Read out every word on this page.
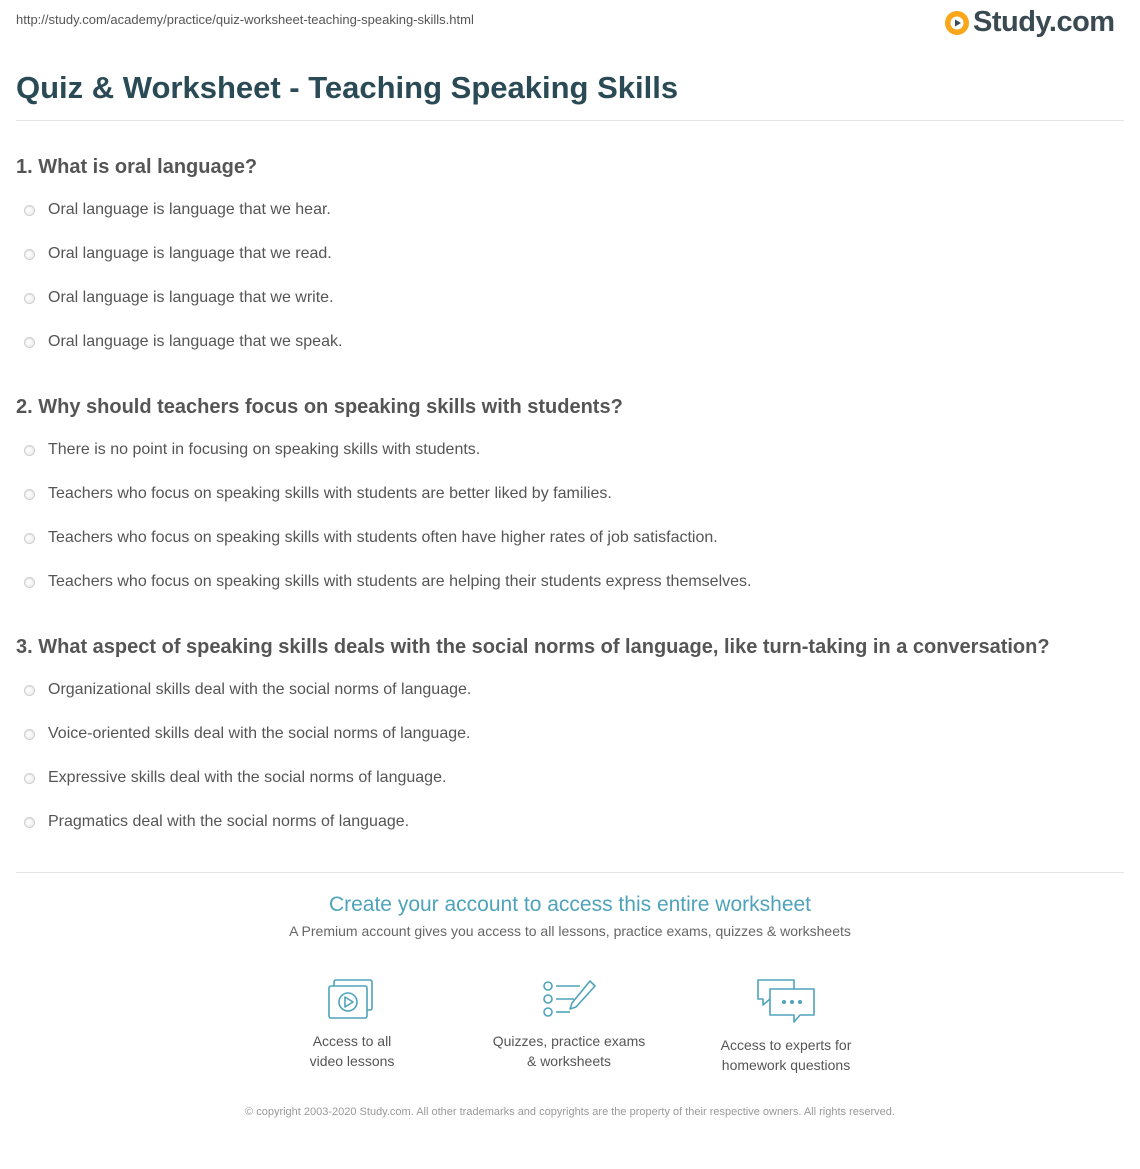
http://study.com/academy/practice/quiz-worksheet-teaching-speaking-skills.html	Study.com
Quiz & Worksheet - Teaching Speaking Skills
1. What is oral language?
Oral language is language that we hear.
Oral language is language that we read.
Oral language is language that we write.
Oral language is language that we speak.
2. Why should teachers focus on speaking skills with students?
There is no point in focusing on speaking skills with students.
Teachers who focus on speaking skills with students are better liked by families.
Teachers who focus on speaking skills with students often have higher rates of job satisfaction.
Teachers who focus on speaking skills with students are helping their students express themselves.
3. What aspect of speaking skills deals with the social norms of language, like turn-taking in a conversation?
Organizational skills deal with the social norms of language.
Voice-oriented skills deal with the social norms of language.
Expressive skills deal with the social norms of language.
Pragmatics deal with the social norms of language.
Create your account to access this entire worksheet
A Premium account gives you access to all lessons, practice exams, quizzes & worksheets
Access to all
video lessons
Quizzes, practice exams
& worksheets
Access to experts for
homework questions
© copyright 2003-2020 Study.com. All other trademarks and copyrights are the property of their respective owners. All rights reserved.
